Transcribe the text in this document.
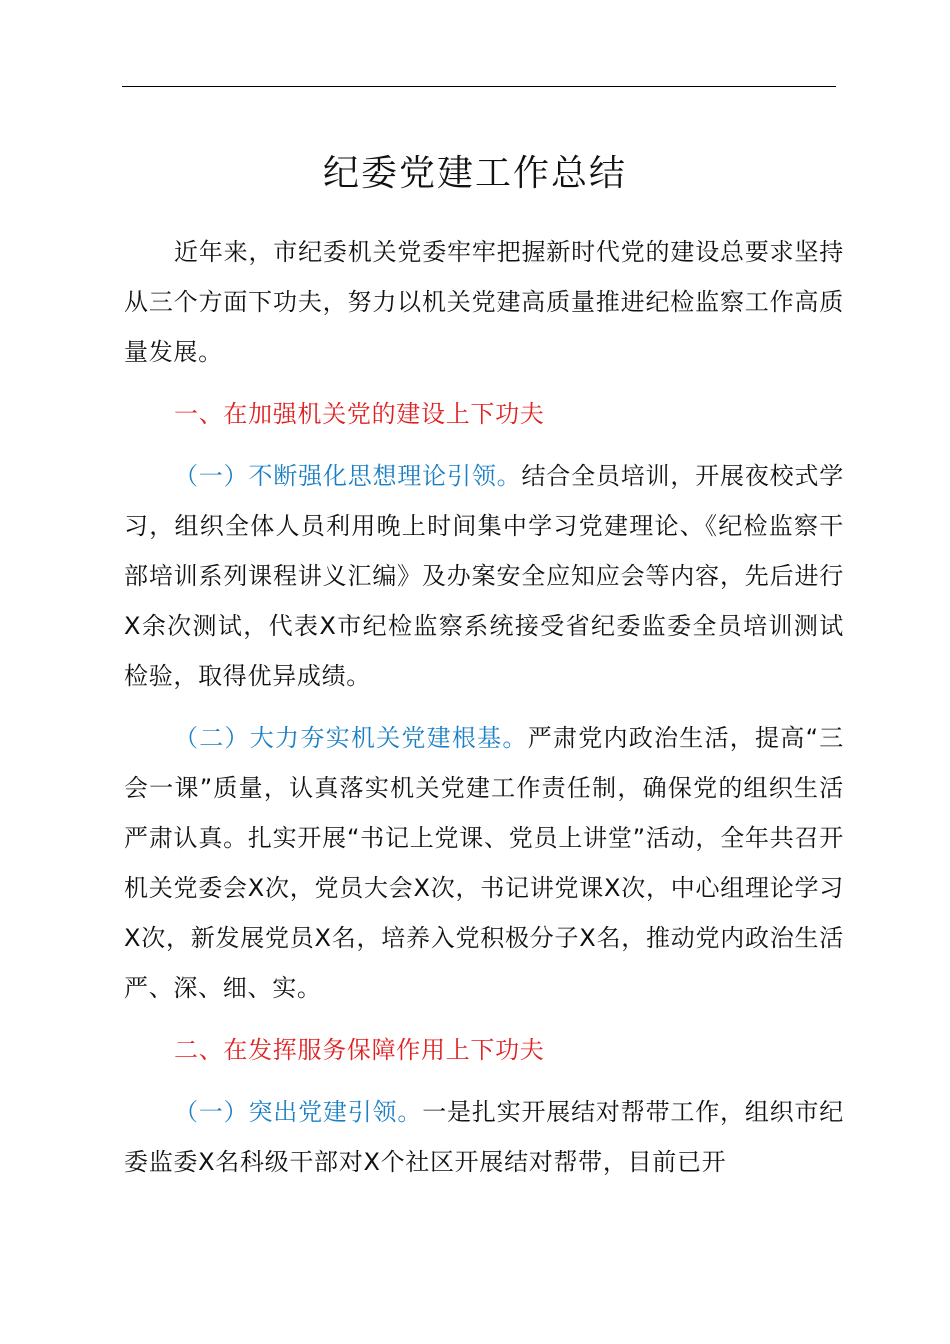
纪委党建工作总结

近年来，市纪委机关党委牢牢把握新时代党的建设总要求坚持从三个方面下功夫，努力以机关党建高质量推进纪检监察工作高质量发展。

一、在加强机关党的建设上下功夫

（一）不断强化思想理论引领。结合全员培训，开展夜校式学习，组织全体人员利用晚上时间集中学习党建理论、《纪检监察干部培训系列课程讲义汇编》及办案安全应知应会等内容，先后进行X余次测试，代表X市纪检监察系统接受省纪委监委全员培训测试检验，取得优异成绩。

（二）大力夯实机关党建根基。严肃党内政治生活，提高“三会一课”质量，认真落实机关党建工作责任制，确保党的组织生活严肃认真。扎实开展“书记上党课、党员上讲堂”活动，全年共召开机关党委会X次，党员大会X次，书记讲党课X次，中心组理论学习X次，新发展党员X名，培养入党积极分子X名，推动党内政治生活严、深、细、实。

二、在发挥服务保障作用上下功夫

（一）突出党建引领。一是扎实开展结对帮带工作，组织市纪委监委X名科级干部对X个社区开展结对帮带，目前已开
